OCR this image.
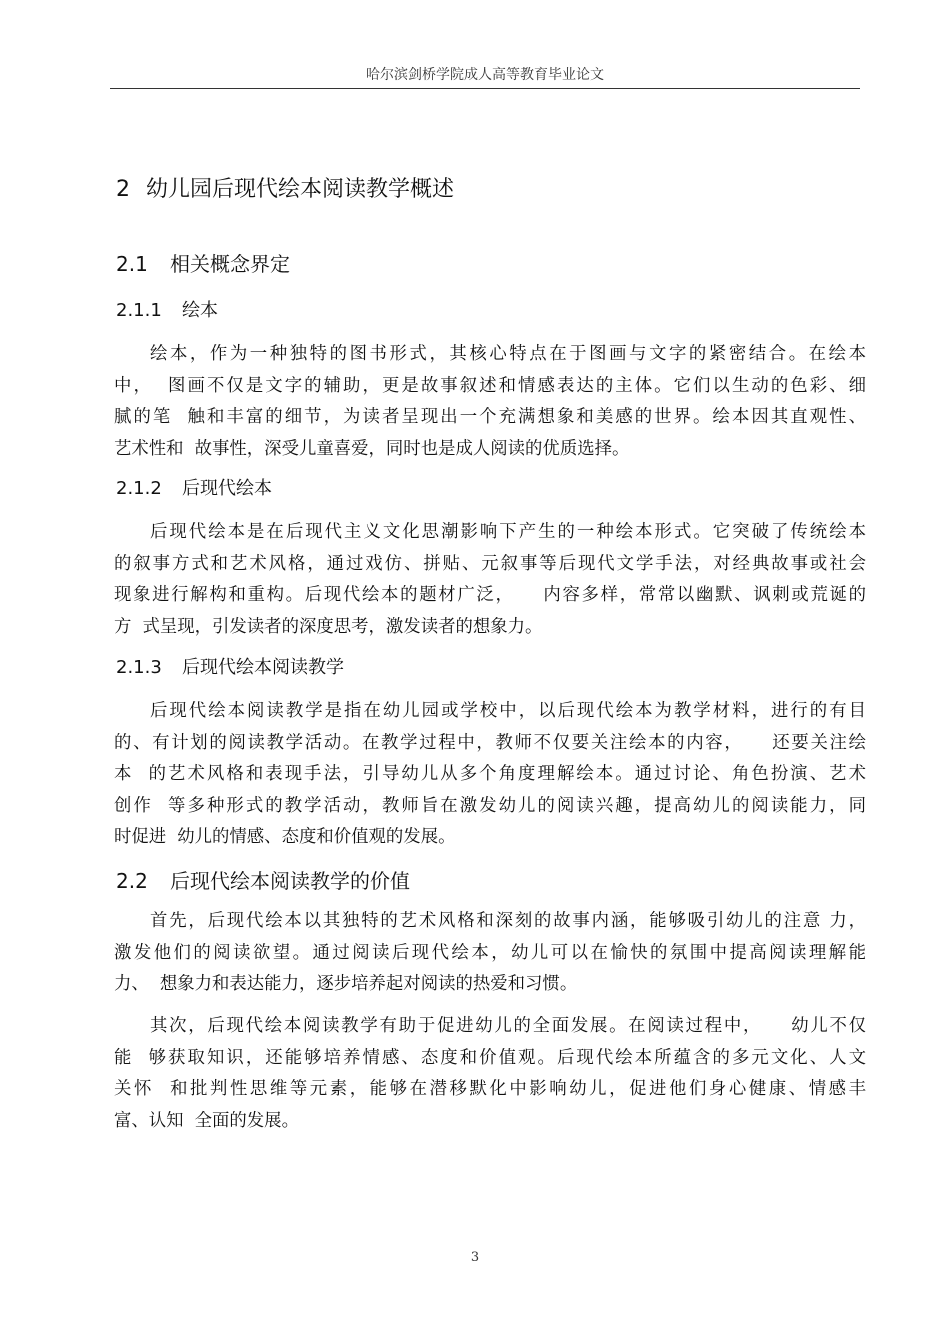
哈尔滨剑桥学院成人高等教育毕业论文
2 幼儿园后现代绘本阅读教学概述
2.1 相关概念界定
2.1.1 绘本
绘本，作为一种独特的图书形式，其核心特点在于图画与文字的紧密结合。在绘本
中，  图画不仅是文字的辅助，更是故事叙述和情感表达的主体。它们以生动的色彩、细
腻的笔  触和丰富的细节，为读者呈现出一个充满想象和美感的世界。绘本因其直观性、
艺术性和  故事性，深受儿童喜爱，同时也是成人阅读的优质选择。
2.1.2 后现代绘本
后现代绘本是在后现代主义文化思潮影响下产生的一种绘本形式。它突破了传统绘本
的叙事方式和艺术风格，通过戏仿、拼贴、元叙事等后现代文学手法，对经典故事或社会
现象进行解构和重构。后现代绘本的题材广泛，    内容多样，常常以幽默、讽刺或荒诞的
方  式呈现，引发读者的深度思考，激发读者的想象力。
2.1.3 后现代绘本阅读教学
后现代绘本阅读教学是指在幼儿园或学校中，以后现代绘本为教学材料，进行的有目
的、有计划的阅读教学活动。在教学过程中，教师不仅要关注绘本的内容，    还要关注绘
本  的艺术风格和表现手法，引导幼儿从多个角度理解绘本。通过讨论、角色扮演、艺术
创作  等多种形式的教学活动，教师旨在激发幼儿的阅读兴趣，提高幼儿的阅读能力，同
时促进  幼儿的情感、态度和价值观的发展。
2.2 后现代绘本阅读教学的价值
首先，后现代绘本以其独特的艺术风格和深刻的故事内涵，能够吸引幼儿的注意 力，
激发他们的阅读欲望。通过阅读后现代绘本，幼儿可以在愉快的氛围中提高阅读理解能
力、  想象力和表达能力，逐步培养起对阅读的热爱和习惯。
其次，后现代绘本阅读教学有助于促进幼儿的全面发展。在阅读过程中，    幼儿不仅
能  够获取知识，还能够培养情感、态度和价值观。后现代绘本所蕴含的多元文化、人文
关怀  和批判性思维等元素，能够在潜移默化中影响幼儿，促进他们身心健康、情感丰
富、认知  全面的发展。
3
